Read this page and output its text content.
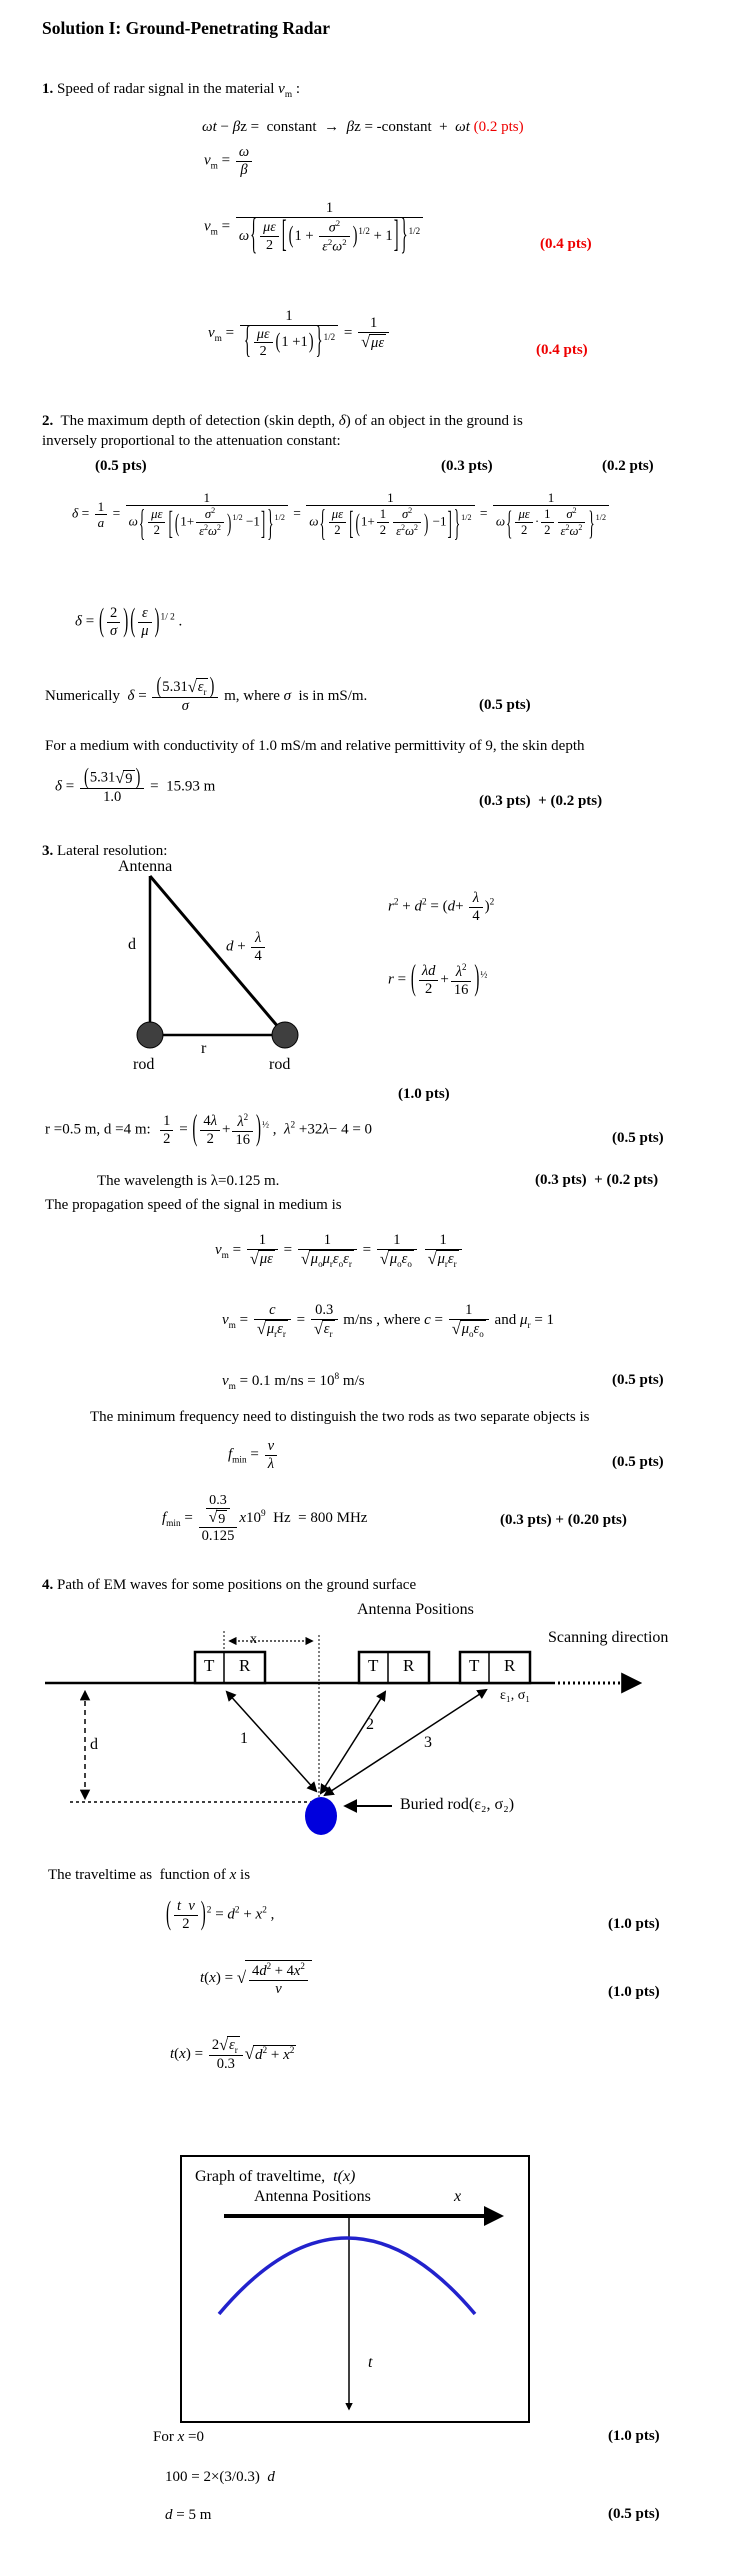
Solution I: Ground-Penetrating Radar
1. Speed of radar signal in the material $v_m$ :
ωt − βz =  constant  →  βz = -constant  +  ωt (0.2 pts)
$v_m = \frac{\omega}{\beta}$
$v_m = \frac{1}{\omega\{ \frac{\mu\varepsilon}{2} [ (1 + \frac{\sigma^2}{\varepsilon^2\omega^2} )^{1/2} + 1] \}^{1/2}}$	(0.4 pts)
$v_m = \frac{1}{\{ \frac{\mu\varepsilon}{2} (1 +1) \}^{1/2}} = 1$
√ με	(0.4 pts)
2.  The maximum depth of detection (skin depth, δ) of an object in the ground is
inversely proportional to the attenuation constant:
(0.5 pts)	(0.3 pts)	(0.2 pts)
$\delta = \frac{1}{a} = \frac{1}{\omega\{ \frac{\mu\varepsilon}{2} [ (1+ \frac{\sigma^2}{\varepsilon^2\omega^2} )^{1/2} -1] \}^{1/2}} = \frac{1}{\omega\{ \frac{\mu\varepsilon}{2} [ (1+ \frac{1}{2} \frac{\sigma^2}{\varepsilon^2\omega^2} ) -1] \}^{1/2}} = \frac{1}{\omega\{ \frac{\mu\varepsilon}{2} \cdot \frac{1}{2} \frac{\sigma^2}{\varepsilon^2\omega^2} \}^{1/2}}$
δ = ( $\frac{2}{\sigma}$ ) ( $\frac{\varepsilon}{\mu} )^{1/ 2}$ .
Numerically  $\delta = \frac{(5.31 √ \varepsilon_r )}{\sigma} m$, where σ  is in mS/m.
(0.5 pts)
For a medium with conductivity of 1.0 mS/m and relative permittivity of 9, the skin depth
$\delta = \frac{(5.31 √ 9 )}{1.0} = 15.93$ m
(0.3 pts)  + (0.2 pts)
3. Lateral resolution:
Antenna
d	$d + \frac{\lambda}{4}$
r
rod	rod
$r^2 + d^2 = (d+ \frac{\lambda}{4} )^2$
r = ( $\frac{\lambda d}{2} + \frac{\lambda^2}{16} )^{\frac{1}{2}}$
(1.0 pts)
r =0.5 m, d =4 m: $\frac{1}{2}$ = ( $\frac{4\lambda}{2} + \frac{\lambda^2}{16} )^{\frac{1}{2}}$ ,  $\lambda^2 +32\lambda- 4 = 0$
(0.5 pts)
The wavelength is λ=0.125 m.	(0.3 pts)  + (0.2 pts)
The propagation speed of the signal in medium is
$v_m = 1$
√ με = 1
√ $\mu_o\mu_r\varepsilon_o\varepsilon_r = 1$
√ $\mu_o\varepsilon_o$
1
√ $\mu_r\varepsilon_r$
$v_m = c$
√ $\mu_r\varepsilon_r = 0.3$
√ $\varepsilon_r$ m/ns , where c = 1
√ $\mu_o\varepsilon_o$ and $\mu_r = 1$
$v_m = 0.1$ $m/ns = 10^8$ m/s	(0.5 pts)
The minimum frequency need to distinguish the two rods as two separate objects is
$f_{min} = \frac{v}{\lambda}$	(0.5 pts)
$f_{min} = 0.3$
√ 9
0.125 $x10^9$  Hz  = 800 MHz	(0.3 pts) + (0.20 pts)
4. Path of EM waves for some positions on the ground surface
Antenna Positions
Scanning direction
x
T R	T R	T R
ε₁, σ₁
d	1
2
3
Buried rod(ε₂, σ₂)
The traveltime as  function of x is
( $\frac{\text{t v}}{2} )^2 = d^2 + x^2$ ,
(1.0 pts)
t(x) = √ $\frac{4d^2 + 4x^2}{v}$	(1.0 pts)
$t(x) = \frac{2 √ \varepsilon_r}{0.3}$ √ $d^2 + x^2$
Graph of traveltime,  t(x)
Antenna Positions	x
t
For x =0	(1.0 pts)
100 = 2×(3/0.3)  d
d = 5 m	(0.5 pts)
